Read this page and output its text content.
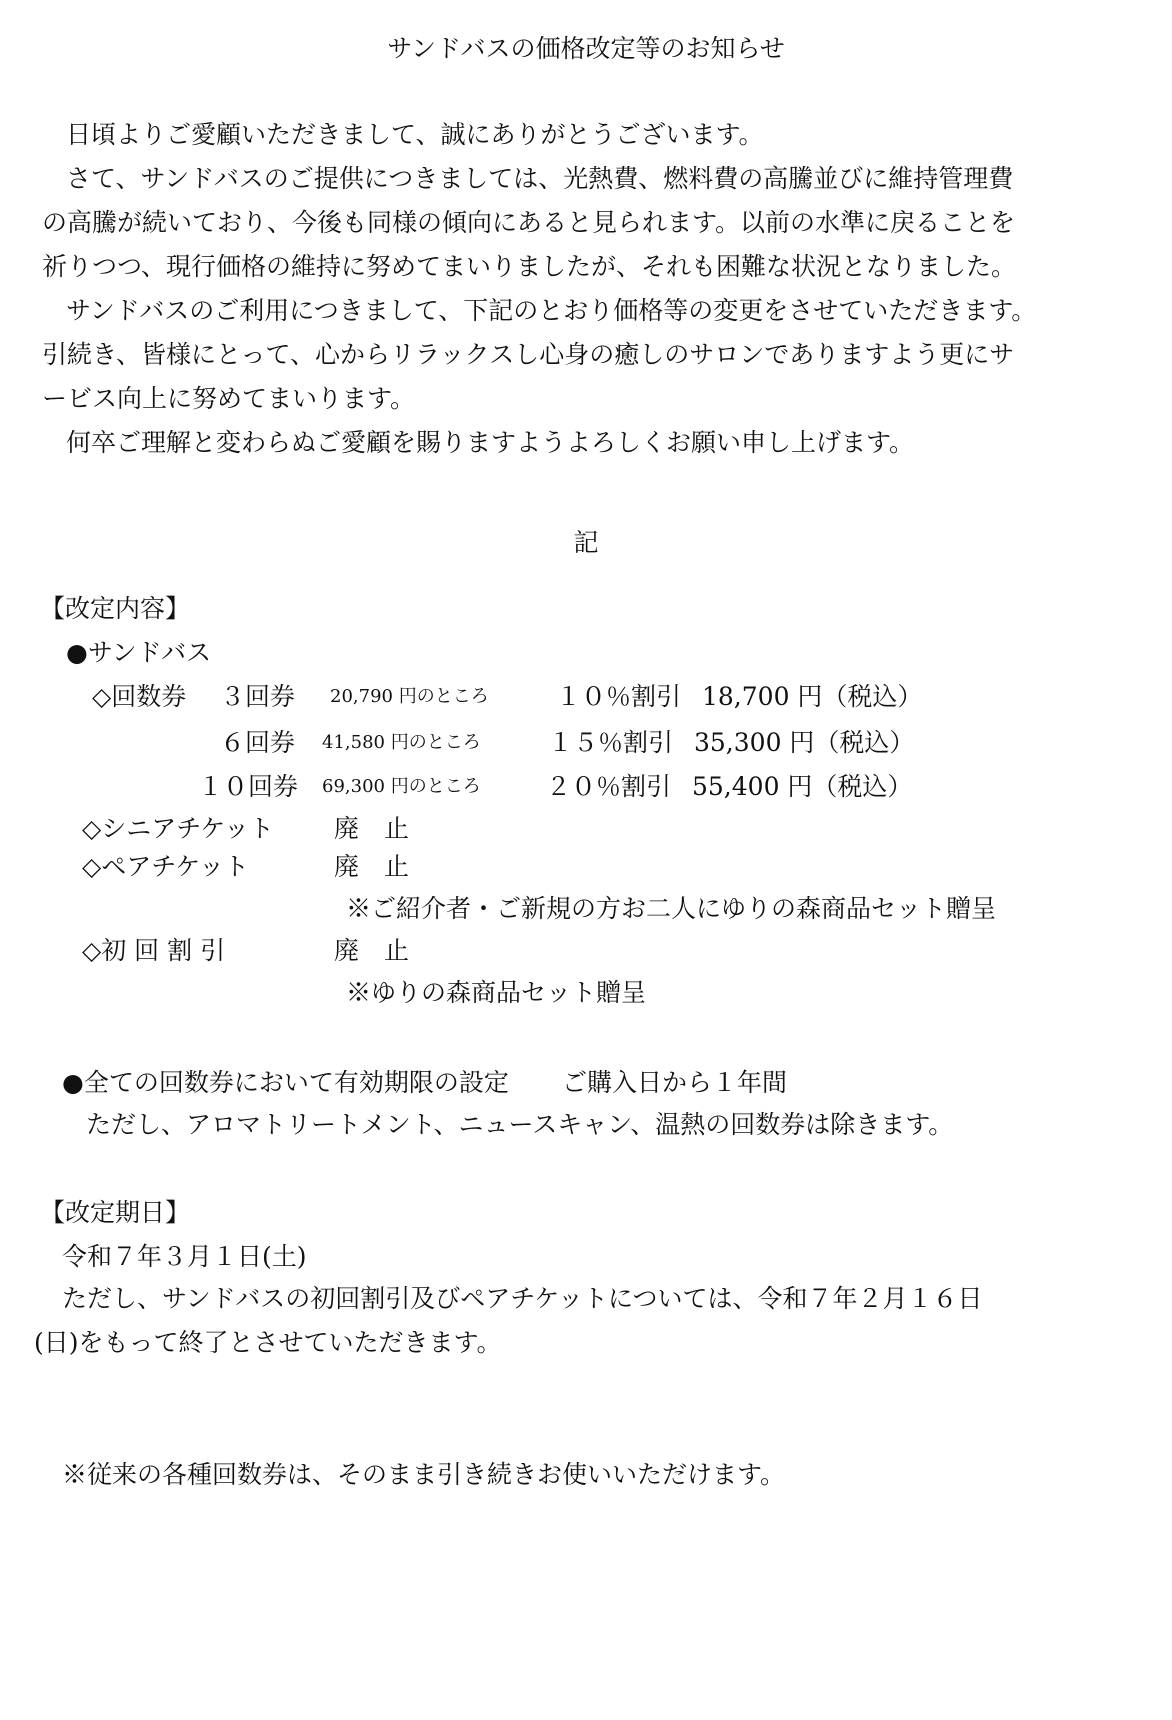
サンドバスの価格改定等のお知らせ
日頃よりご愛顧いただきまして、誠にありがとうございます。
さて、サンドバスのご提供につきましては、光熱費、燃料費の高騰並びに維持管理費
の高騰が続いており、今後も同様の傾向にあると見られます。以前の水準に戻ることを
祈りつつ、現行価格の維持に努めてまいりましたが、それも困難な状況となりました。
サンドバスのご利用につきまして、下記のとおり価格等の変更をさせていただきます。
引続き、皆様にとって、心からリラックスし心身の癒しのサロンでありますよう更にサ
ービス向上に努めてまいります。
何卒ご理解と変わらぬご愛顧を賜りますようよろしくお願い申し上げます。
記
【改定内容】
●サンドバス
◇回数券 ３回券 20,790 円のところ	１０％割引 18,700 円（税込）
６回券 41,580 円のところ	１５％割引 35,300 円（税込）
１０回券 69,300 円のところ	２０％割引 55,400 円（税込）
◇シニアチケット 廃　止
◇ペアチケット	廃　止
※ご紹介者・ご新規の方お二人にゆりの森商品セット贈呈
◇初 回 割 引	廃　止
※ゆりの森商品セット贈呈
●全ての回数券において有効期限の設定 ご購入日から１年間
ただし、アロマトリートメント、ニュースキャン、温熱の回数券は除きます。
【改定期日】
令和７年３月１日(土)
ただし、サンドバスの初回割引及びペアチケットについては、令和７年２月１６日
(日)をもって終了とさせていただきます。
※従来の各種回数券は、そのまま引き続きお使いいただけます。
